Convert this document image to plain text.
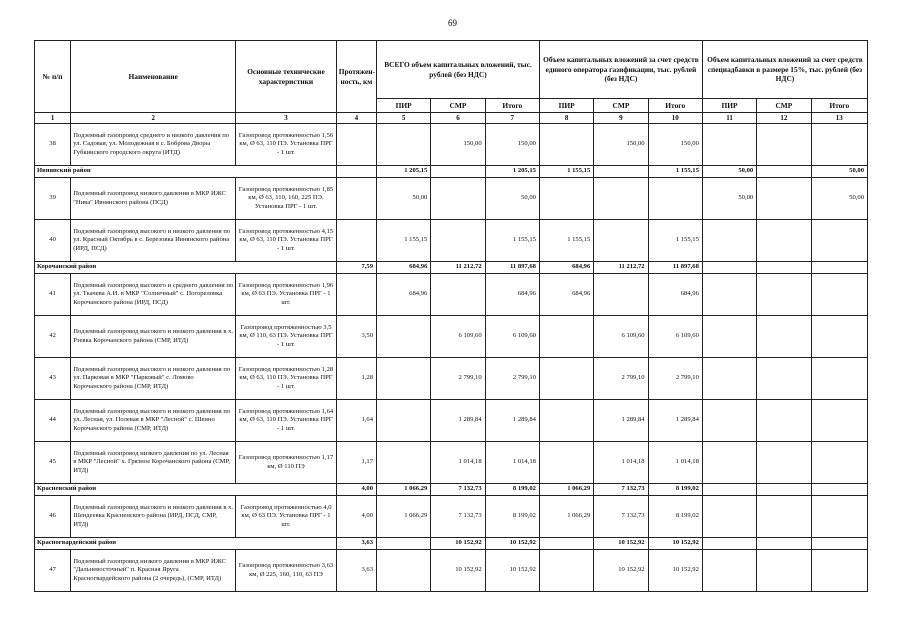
69
№ п/п	Наименование	Основные технические характеристики	Протяжен-ность, км	ВСЕГО объем капитальных вложений, тыс. рублей (без НДС)			Объем капитальных вложений за счет средств единого оператора газификации, тыс. рублей (без НДС)			Объем капитальных вложений за счет средств специадбавки в размере 15%, тыс. рублей (без НДС)		
				ПИР	СМР	Итого	ПИР	СМР	Итого	ПИР	СМР	Итого
1	2	3	4	5	6	7	8	9	10	11	12	13
38	Подземный газопровод среднего и низкого давления по ул. Садовая, ул. Молодежная в с. Боброва Дворы Губкинского городского округа (ИТД)	Газопровод протяженностью 1,56 км, Ø 63, 110 ПЭ. Установка ПРГ - 1 шт.			150,00	150,00		150,00	150,00			
Ивнянский район				1 205,15		1 205,15	1 155,15		1 155,15	50,00		50,00
39	Подземный газопровод низкого давления в МКР ИЖС "Нива" Ивнянского района (ПСД)	Газопровод протяженностью 1,85 км, Ø 63, 110, 160, 225 ПЭ. Установка ПРГ - 1 шт.		50,00		50,00				50,00		50,00
40	Подземный газопровод высокого и низкого давления по ул. Красный Октябрь в с. Березовка Ивнянского района (ИРД, ПСД)	Газопровод протяженностью 4,15 км, Ø 63, 110 ПЭ. Установка ПРГ - 1 шт.		1 155,15		1 155,15	1 155,15		1 155,15			
Корочанский район			7,59	684,96	11 212,72	11 897,68	684,96	11 212,72	11 897,68			
41	Подземный газопровод высокого и среднего давления по ул. Ткачева А.И. в МКР "Солнечный" с. Погореловка Корочанского района (ИРД, ПСД)	Газопровод протяженностью 1,96 км, Ø 63 ПЭ. Установка ПРГ - 1 шт.		684,96		684,96	684,96		684,96			
42	Подземный газопровод высокого и низкого давления в х. Рзевка Корочанского района (СМР, ИТД)	Газопровод протяженностью 3,5 км, Ø 110, 63 ПЭ. Установка ПРГ - 1 шт.	3,50		6 109,60	6 109,60		6 109,60	6 109,60			
43	Подземный газопровод высокого и низкого давления по ул. Парковая в МКР "Парковый" с. Ломово Корочанского района (СМР, ИТД)	Газопровод протяженностью 1,28 км, Ø 63, 110 ПЭ. Установка ПРГ - 1 шт.	1,28		2 799,10	2 799,10		2 799,10	2 799,10			
44	Подземный газопровод высокого и низкого давления по ул. Лесная, ул. Полевая в МКР "Лесной" с. Шеино Корочанского района (СМР, ИТД)	Газопровод протяженностью 1,64 км, Ø 63, 110 ПЭ. Установка ПРГ - 1 шт.	1,64		1 289,84	1 289,84		1 289,84	1 289,84			
45	Подземный газопровод низкого давления по ул. Лесная в МКР "Лесной" х. Грязное Корочанского района (СМР, ИТД)	Газопровод протяженностью 1,17 км, Ø 110 ПЭ	1,17		1 014,18	1 014,18		1 014,18	1 014,18			
Красненский район			4,00	1 066,29	7 132,73	8 199,02	1 066,29	7 132,73	8 199,02			
46	Подземный газопровод высокого и низкого давления в х. Шендеевка Красненского района (ИРД, ПСД, СМР, ИТД)	Газопровод протяженностью 4,0 км, Ø 63 ПЭ. Установка ПРГ - 1 шт.	4,00	1 066,29	7 132,73	8 199,02	1 066,29	7 132,73	8 199,02			
Красногвардейский район			3,63		10 152,92	10 152,92		10 152,92	10 152,92			
47	Подземный газопровод низкого давления в МКР ИЖС "Дальневосточный" п. Красная Яруга Красногвардейского района (2 очередь), (СМР, ИТД)	Газопровод протяженностью 3,63 км, Ø 225, 160, 110, 63 ПЭ	3,63		10 152,92	10 152,92		10 152,92	10 152,92			
